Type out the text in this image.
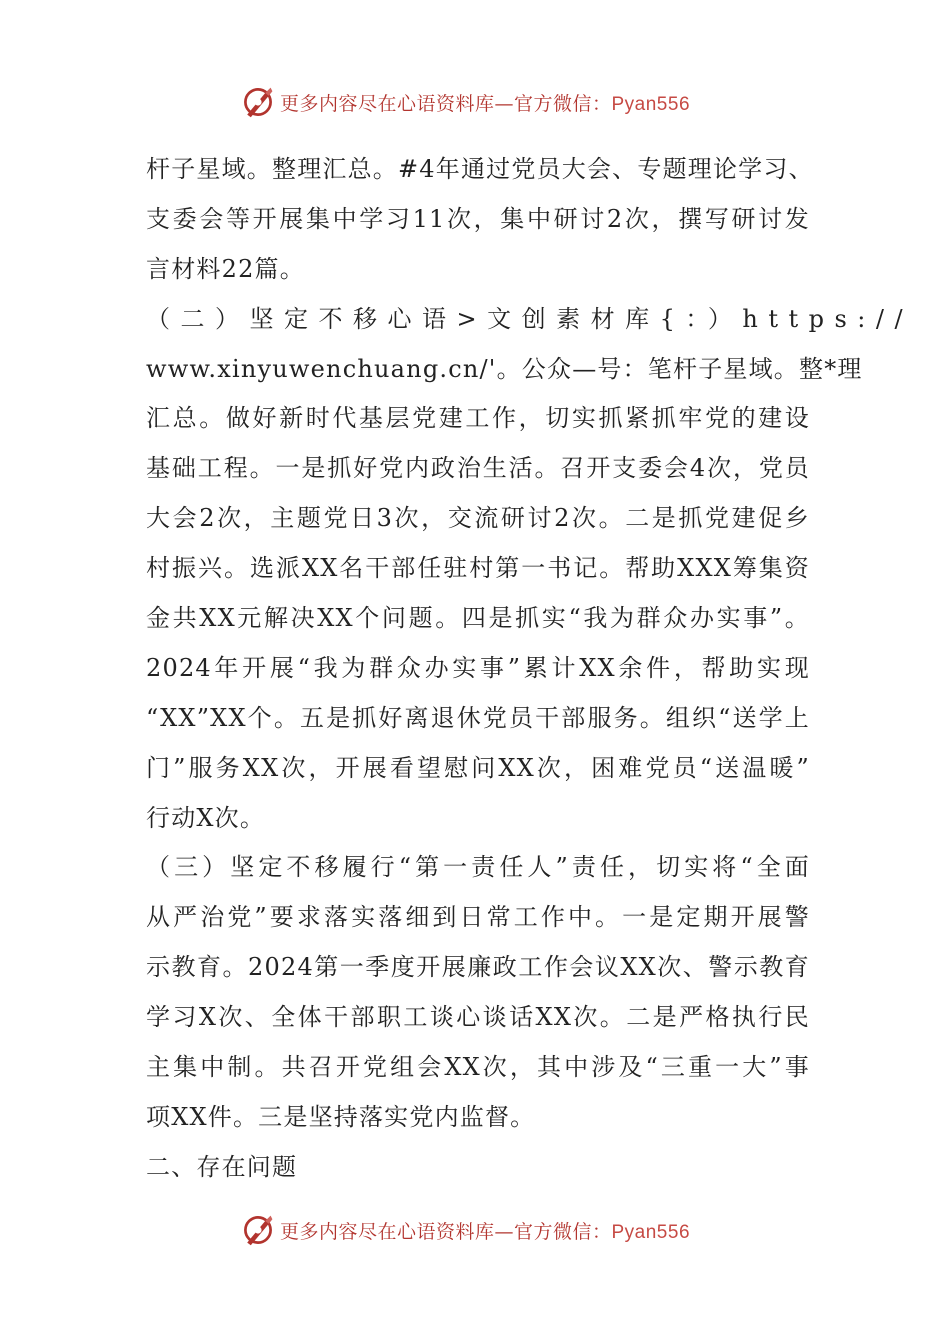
更多内容尽在心语资料库—官方微信：Pyan556
杆子星域。整理汇总。#4年通过党员大会、专题理论学习、
支委会等开展集中学习11次，集中研讨2次，撰写研讨发
言材料22篇。
（二）坚定不移心语>文创素材库{：）https://
www.xinyuwenchuang.cn/'。公众—号：笔杆子星域。整*理
汇总。做好新时代基层党建工作，切实抓紧抓牢党的建设
基础工程。一是抓好党内政治生活。召开支委会4次，党员
大会2次，主题党日3次，交流研讨2次。二是抓党建促乡
村振兴。选派XX名干部任驻村第一书记。帮助XXX筹集资
金共XX元解决XX个问题。四是抓实“我为群众办实事”。
2024年开展“我为群众办实事”累计XX余件，帮助实现
“XX”XX个。五是抓好离退休党员干部服务。组织“送学上
门”服务XX次，开展看望慰问XX次，困难党员“送温暖”
行动X次。
（三）坚定不移履行“第一责任人”责任，切实将“全面
从严治党”要求落实落细到日常工作中。一是定期开展警
示教育。2024第一季度开展廉政工作会议XX次、警示教育
学习X次、全体干部职工谈心谈话XX次。二是严格执行民
主集中制。共召开党组会XX次，其中涉及“三重一大”事
项XX件。三是坚持落实党内监督。
二、存在问题
更多内容尽在心语资料库—官方微信：Pyan556
